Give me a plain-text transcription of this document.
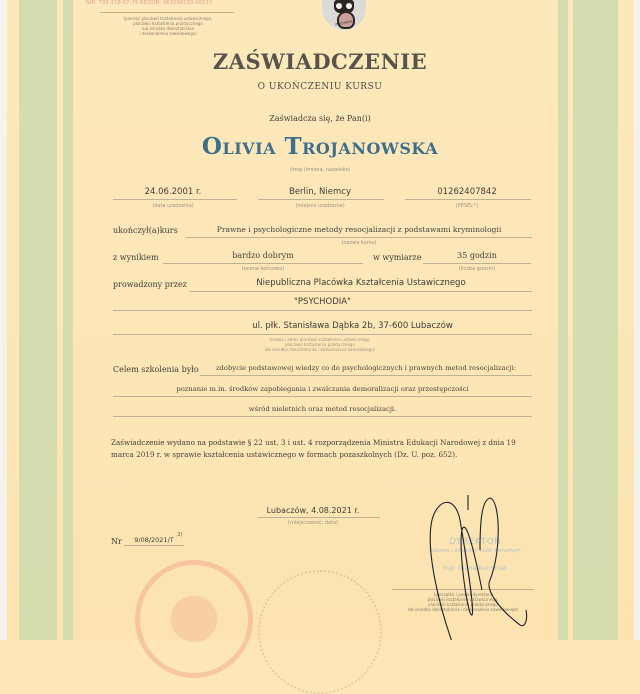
NIP: 793-158-57-75 REGON: 363596160-00123
(pieczęć placówki kształcenia ustawicznego,
placówki kształcenia praktycznego
lub ośrodka dokształcania
i doskonalenia zawodowego)
PSYCHODIA
ZAŚWIADCZENIE
O UKOŃCZENIU KURSU
Zaświadcza się, że Pan(i)
Olivia Trojanowska
(imię (imiona, nazwisko)
24.06.2001 r.
(data urodzenia)
Berlin, Niemcy
(miejsce urodzenia)
01262407842
(PESEL¹⁾)
ukończył(a)kurs	Prawne i psychologiczne metody resocjalizacji z podstawami kryminologii
(nazwa kursu)
z wynikiem	bardzo dobrym
(ocena końcowa)
w wymiarze	35 godzin
(liczba godzin)
prowadzony przez	Niepubliczna Placówka Kształcenia Ustawicznego
"PSYCHODIA"
ul. płk. Stanisława Dąbka 2b, 37-600 Lubaczów
(nazwa i adres placówki kształcenia ustawicznego,
placówki kształcenia praktycznego
lub ośrodka dokształcania i doskonalenia zawodowego)
Celem szkolenia było	zdobycie podstawowej wiedzy co do psychologicznych i prawnych metod resocjalizacji:
poznanie m.in. środków zapobiegania i zwalczania demoralizacji oraz przestępczości
wśród nieletnich oraz metod resocjalizacji.
Zaświadczenie wydano na podstawie § 22 ust. 3 i ust. 4 rozporządzenia Ministra Edukacji Narodowej z dnia 19 marca 2019 r. w sprawie kształcenia ustawicznego w formach pozaszkolnych (Dz. U. poz. 652).
Lubaczów, 4.08.2021 r.
(miejscowość, data)
Nr	9/08/2021/T
2)
DYREKTOR
szkoleń i edukacji osób dorosłych
mgr Diana Kuchciak
(pieczątka i podpis dyrektora
placówki kształcenia ustawicznego,
placówki kształcenia praktycznego
lub ośrodka dokształcania i doskonalenia zawodowego)
